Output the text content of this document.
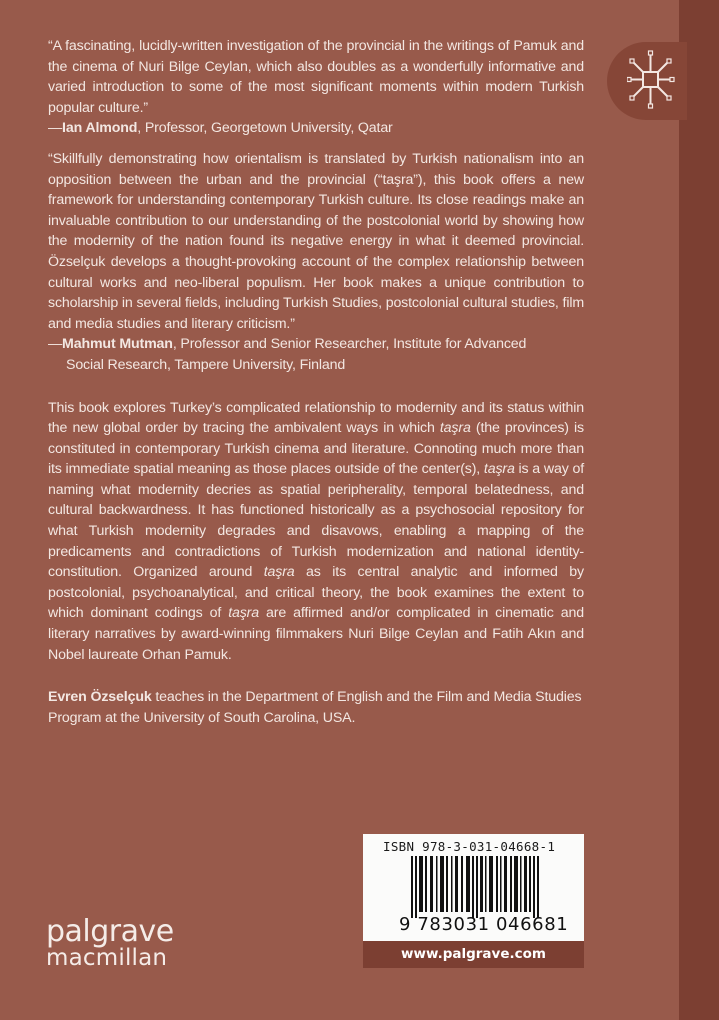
“A fascinating, lucidly-written investigation of the provincial in the writings of Pamuk and the cinema of Nuri Bilge Ceylan, which also doubles as a wonderfully informative and varied introduction to some of the most significant moments within modern Turkish popular culture.”

—Ian Almond, Professor, Georgetown University, Qatar

“Skillfully demonstrating how orientalism is translated by Turkish nationalism into an opposition between the urban and the provincial (“taşra”), this book offers a new framework for understanding contemporary Turkish culture. Its close readings make an invaluable contribution to our understanding of the postcolonial world by showing how the modernity of the nation found its negative energy in what it deemed provincial. Özselçuk develops a thought-provoking account of the complex relationship between cultural works and neo-liberal populism. Her book makes a unique contribution to scholarship in several fields, including Turkish Studies, postcolonial cultural studies, film and media studies and literary criticism.”

—Mahmut Mutman, Professor and Senior Researcher, Institute for Advanced
Social Research, Tampere University, Finland

This book explores Turkey’s complicated relationship to modernity and its status within the new global order by tracing the ambivalent ways in which taşra (the provinces) is constituted in contemporary Turkish cinema and literature. Connoting much more than its immediate spatial meaning as those places outside of the center(s), taşra is a way of naming what modernity decries as spatial peripherality, temporal belatedness, and cultural backwardness. It has functioned historically as a psychosocial repository for what Turkish modernity degrades and disavows, enabling a mapping of the predicaments and contradictions of Turkish modernization and national identity-constitution. Organized around taşra as its central analytic and informed by postcolonial, psychoanalytical, and critical theory, the book examines the extent to which dominant codings of taşra are affirmed and/or complicated in cinematic and literary narratives by award-winning filmmakers Nuri Bilge Ceylan and Fatih Akın and Nobel laureate Orhan Pamuk.

Evren Özselçuk teaches in the Department of English and the Film and Media Studies Program at the University of South Carolina, USA.

ISBN 978-3-031-04668-1
9 783031 046681
www.palgrave.com
palgrave
macmillan
